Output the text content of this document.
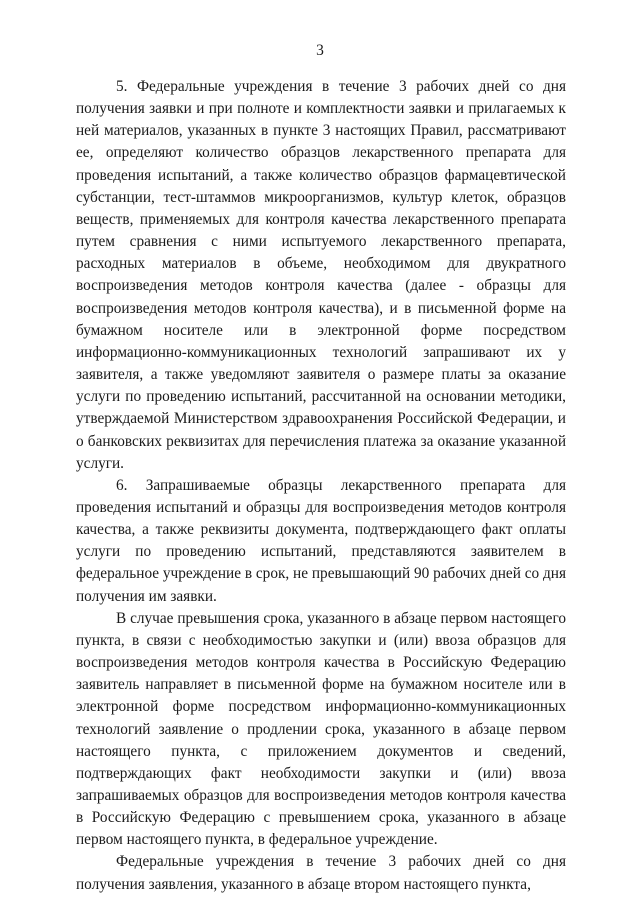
3

5. Федеральные учреждения в течение 3 рабочих дней со дня получения заявки и при полноте и комплектности заявки и прилагаемых к ней материалов, указанных в пункте 3 настоящих Правил, рассматривают ее, определяют количество образцов лекарственного препарата для проведения испытаний, а также количество образцов фармацевтической субстанции, тест-штаммов микроорганизмов, культур клеток, образцов веществ, применяемых для контроля качества лекарственного препарата путем сравнения с ними испытуемого лекарственного препарата, расходных материалов в объеме, необходимом для двукратного воспроизведения методов контроля качества (далее - образцы для воспроизведения методов контроля качества), и в письменной форме на бумажном носителе или в электронной форме посредством информационно-коммуникационных технологий запрашивают их у заявителя, а также уведомляют заявителя о размере платы за оказание услуги по проведению испытаний, рассчитанной на основании методики, утверждаемой Министерством здравоохранения Российской Федерации, и о банковских реквизитах для перечисления платежа за оказание указанной услуги.

6. Запрашиваемые образцы лекарственного препарата для проведения испытаний и образцы для воспроизведения методов контроля качества, а также реквизиты документа, подтверждающего факт оплаты услуги по проведению испытаний, представляются заявителем в федеральное учреждение в срок, не превышающий 90 рабочих дней со дня получения им заявки.

В случае превышения срока, указанного в абзаце первом настоящего пункта, в связи с необходимостью закупки и (или) ввоза образцов для воспроизведения методов контроля качества в Российскую Федерацию заявитель направляет в письменной форме на бумажном носителе или в электронной форме посредством информационно-коммуникационных технологий заявление о продлении срока, указанного в абзаце первом настоящего пункта, с приложением документов и сведений, подтверждающих факт необходимости закупки и (или) ввоза запрашиваемых образцов для воспроизведения методов контроля качества в Российскую Федерацию с превышением срока, указанного в абзаце первом настоящего пункта, в федеральное учреждение.

Федеральные учреждения в течение 3 рабочих дней со дня получения заявления, указанного в абзаце втором настоящего пункта,
